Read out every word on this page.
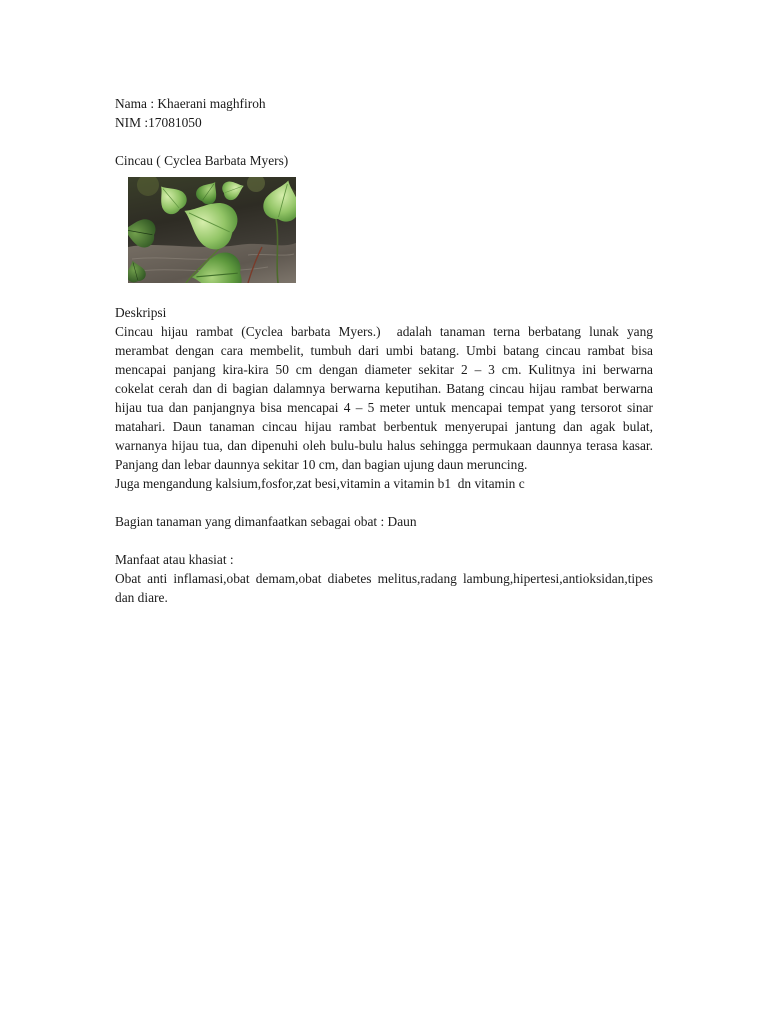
Nama : Khaerani maghfiroh
NIM :17081050
Cincau ( Cyclea Barbata Myers)
Deskripsi
Cincau hijau rambat (Cyclea barbata Myers.)  adalah tanaman terna berbatang lunak yang
merambat dengan cara membelit, tumbuh dari umbi batang. Umbi batang cincau rambat bisa
mencapai panjang kira-kira 50 cm dengan diameter sekitar 2 – 3 cm. Kulitnya ini berwarna
cokelat cerah dan di bagian dalamnya berwarna keputihan. Batang cincau hijau rambat berwarna
hijau tua dan panjangnya bisa mencapai 4 – 5 meter untuk mencapai tempat yang tersorot sinar
matahari. Daun tanaman cincau hijau rambat berbentuk menyerupai jantung dan agak bulat,
warnanya hijau tua, dan dipenuhi oleh bulu-bulu halus sehingga permukaan daunnya terasa kasar.
Panjang dan lebar daunnya sekitar 10 cm, dan bagian ujung daun meruncing.
Juga mengandung kalsium,fosfor,zat besi,vitamin a vitamin b1  dn vitamin c
Bagian tanaman yang dimanfaatkan sebagai obat : Daun
Manfaat atau khasiat :
Obat anti inflamasi,obat demam,obat diabetes melitus,radang lambung,hipertesi,antioksidan,tipes
dan diare.
